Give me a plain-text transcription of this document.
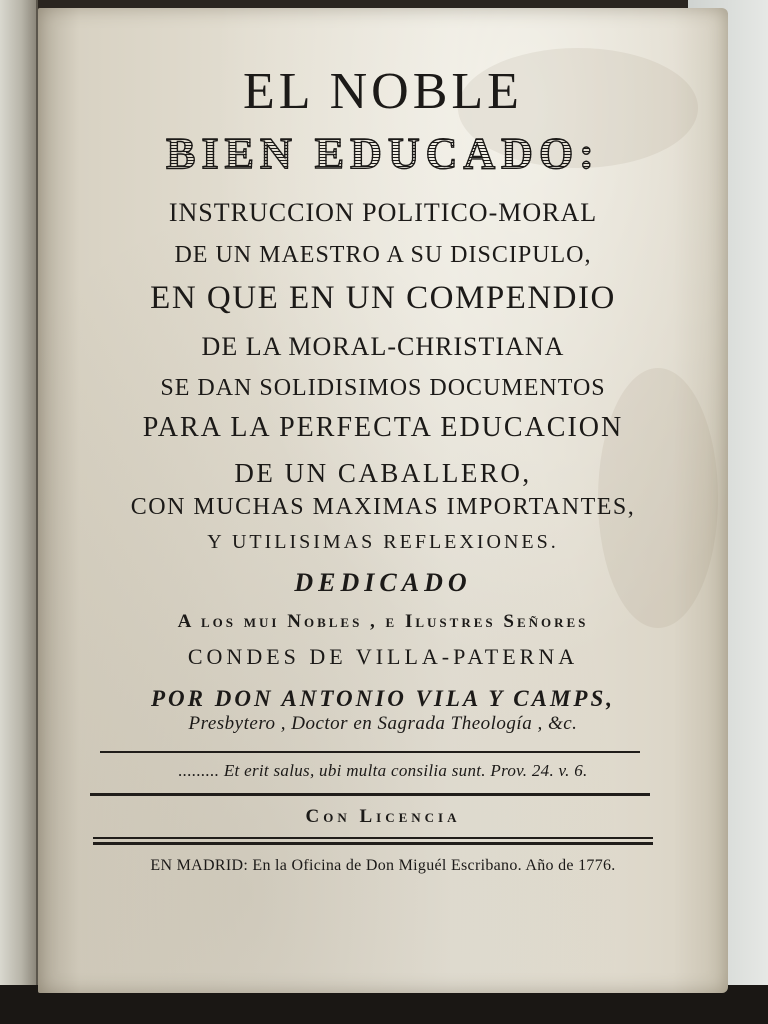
EL NOBLE
BIEN EDUCADO:
INSTRUCCION POLITICO-MORAL
DE UN MAESTRO A SU DISCIPULO,
EN QUE EN UN COMPENDIO
DE LA MORAL-CHRISTIANA
SE DAN SOLIDISIMOS DOCUMENTOS
PARA LA PERFECTA EDUCACION
DE UN CABALLERO,
CON MUCHAS MAXIMAS IMPORTANTES,
Y UTILISIMAS REFLEXIONES.
DEDICADO
A los mui Nobles , e Ilustres Señores
CONDES DE VILLA-PATERNA
POR DON ANTONIO VILA Y CAMPS,
Presbytero , Doctor en Sagrada Theología , &c.
......... Et erit salus, ubi multa consilia sunt. Prov. 24. v. 6.
Con Licencia
EN MADRID: En la Oficina de Don Miguél Escribano. Año de 1776.
